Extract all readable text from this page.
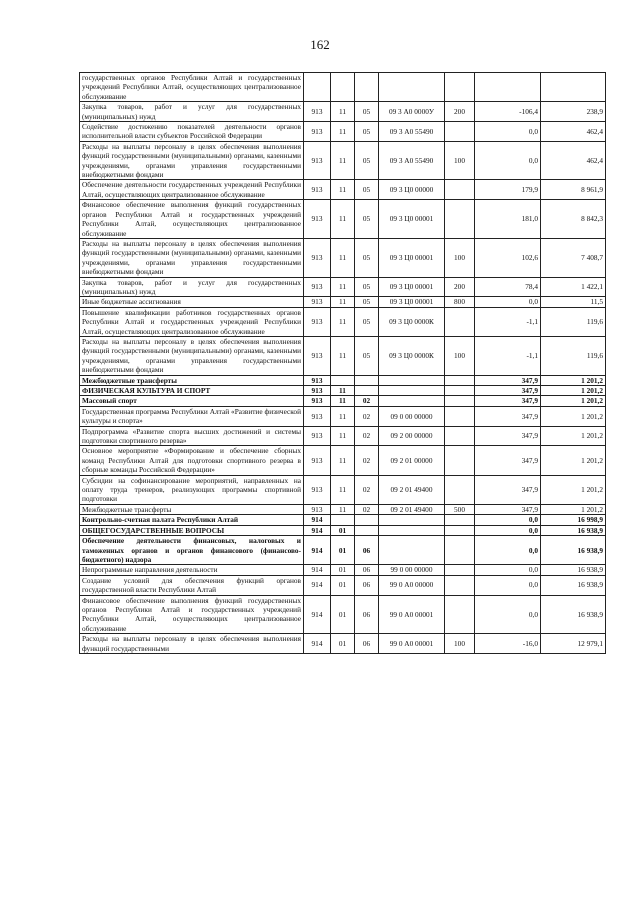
162
государственных органов Республики Алтай и государственных учреждений Республики Алтай, осуществляющих централизованное обслуживание							
Закупка товаров, работ и услуг для государственных (муниципальных) нужд	913	11	05	09 3 А0 0000У	200	-106,4	238,9
Содействие достижению показателей деятельности органов исполнительной власти субъектов Российской Федерации	913	11	05	09 3 А0 55490		0,0	462,4
Расходы на выплаты персоналу в целях обеспечения выполнения функций государственными (муниципальными) органами, казенными учреждениями, органами управления государственными внебюджетными фондами	913	11	05	09 3 А0 55490	100	0,0	462,4
Обеспечение деятельности государственных учреждений Республики Алтай, осуществляющих централизованное обслуживание	913	11	05	09 3 Ц0 00000		179,9	8 961,9
Финансовое обеспечение выполнения функций государственных органов Республики Алтай и государственных учреждений Республики Алтай, осуществляющих централизованное обслуживание	913	11	05	09 3 Ц0 00001		181,0	8 842,3
Расходы на выплаты персоналу в целях обеспечения выполнения функций государственными (муниципальными) органами, казенными учреждениями, органами управления государственными внебюджетными фондами	913	11	05	09 3 Ц0 00001	100	102,6	7 408,7
Закупка товаров, работ и услуг для государственных (муниципальных) нужд	913	11	05	09 3 Ц0 00001	200	78,4	1 422,1
Иные бюджетные ассигнования	913	11	05	09 3 Ц0 00001	800	0,0	11,5
Повышение квалификации работников государственных органов Республики Алтай и государственных учреждений Республики Алтай, осуществляющих централизованное обслуживание	913	11	05	09 3 Ц0 0000К		-1,1	119,6
Расходы на выплаты персоналу в целях обеспечения выполнения функций государственными (муниципальными) органами, казенными учреждениями, органами управления государственными внебюджетными фондами	913	11	05	09 3 Ц0 0000К	100	-1,1	119,6
Межбюджетные трансферты	913					347,9	1 201,2
ФИЗИЧЕСКАЯ КУЛЬТУРА И СПОРТ	913	11				347,9	1 201,2
Массовый спорт	913	11	02			347,9	1 201,2
Государственная программа Республики Алтай «Развитие физической культуры и спорта»	913	11	02	09 0 00 00000		347,9	1 201,2
Подпрограмма «Развитие спорта высших достижений и системы подготовки спортивного резерва»	913	11	02	09 2 00 00000		347,9	1 201,2
Основное мероприятие «Формирование и обеспечение сборных команд Республики Алтай для подготовки спортивного резерва в сборные команды Российской Федерации»	913	11	02	09 2 01 00000		347,9	1 201,2
Субсидии на софинансирование мероприятий, направленных на оплату труда тренеров, реализующих программы спортивной подготовки	913	11	02	09 2 01 49400		347,9	1 201,2
Межбюджетные трансферты	913	11	02	09 2 01 49400	500	347,9	1 201,2
Контрольно-счетная палата Республики Алтай	914					0,0	16 998,9
ОБЩЕГОСУДАРСТВЕННЫЕ ВОПРОСЫ	914	01				0,0	16 938,9
Обеспечение деятельности финансовых, налоговых и таможенных органов и органов финансового (финансово-бюджетного) надзора	914	01	06			0,0	16 938,9
Непрограммные направления деятельности	914	01	06	99 0 00 00000		0,0	16 938,9
Создание условий для обеспечения функций органов государственной власти Республики Алтай	914	01	06	99 0 А0 00000		0,0	16 938,9
Финансовое обеспечение выполнения функций государственных органов Республики Алтай и государственных учреждений Республики Алтай, осуществляющих централизованное обслуживание	914	01	06	99 0 А0 00001		0,0	16 938,9
Расходы на выплаты персоналу в целях обеспечения выполнения функций государственными	914	01	06	99 0 А0 00001	100	-16,0	12 979,1
